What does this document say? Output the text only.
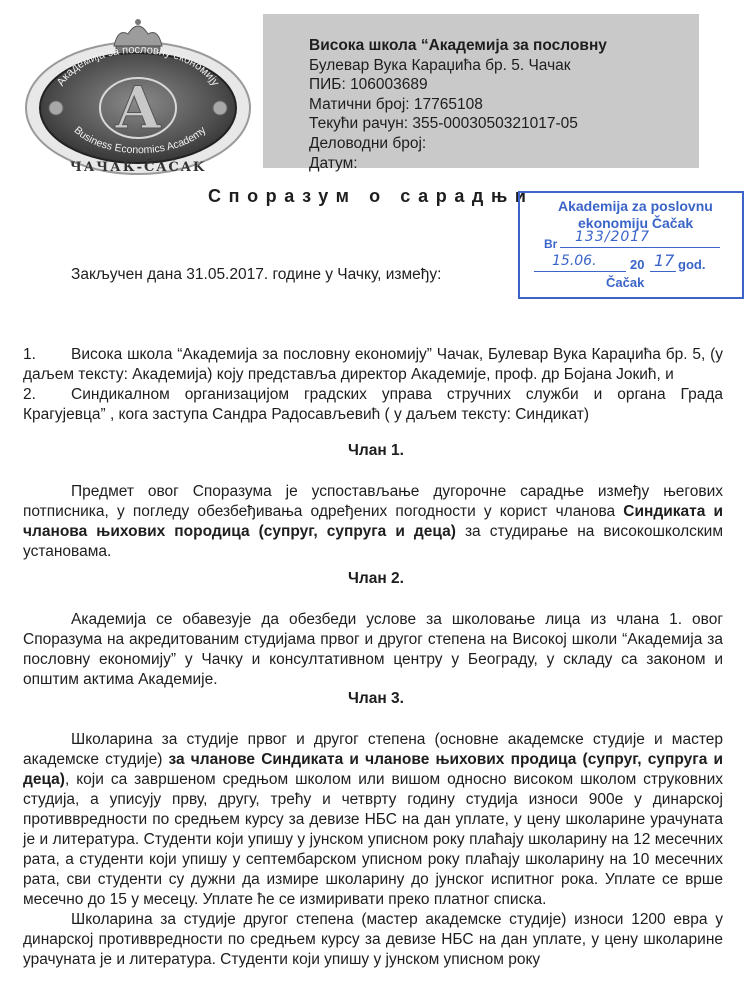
A
Академија за пословну економију
Business Economics Academy
ЧАЧАК-ČAČAK
Висока школа “Академија за пословну
Булевар Вука Караџића бр. 5. Чачак
ПИБ: 106003689
Матични број: 17765108
Текући рачун: 355-0003050321017-05
Деловодни број:
Датум:
Споразум о сарадњи Akademija za poslovnu
ekonomiju Čačak
Br 133/2017
15.06.	20 17 god.
Čačak
Закључен дана 31.05.2017. године у Чачку, између:

1. Висока школа “Академија за пословну економију” Чачак, Булевар Вука Караџића бр. 5, (у даљем тексту: Академија) коју представља директор Академије, проф. др Бојана Јокић, и

2. Синдикалном организацијом градских управа стручних служби и органа Града Крагујевца” , кога заступа Сандра Радосављевић ( у даљем тексту: Синдикат)

Члан 1.

Предмет овог Споразума је успостављање дугорочне сарадње између његових потписника, у погледу обезбеђивања одређених погодности у корист чланова Синдиката и чланова њихових породица (супруг, супруга и деца) за студирање на високошколским установама.

Члан 2.

Академија се обавезује да обезбеди услове за школовање лица из члана 1. овог Споразума на акредитованим студијама првог и другог степена на Високој школи “Академија за пословну економију” у Чачку и консултативном центру у Београду, у складу са законом и општим актима Академије.

Члан 3.

Школарина за студије првог и другог степена (основне академске студије и мастер академске студије) за чланове Синдиката и чланове њихових продица (супруг, супруга и деца), који са завршеном средњом школом или вишом односно високом школом струковних студија, а уписују прву, другу, трећу и четврту годину студија износи 900е у динарској противвредности по средњем курсу за девизе НБС на дан уплате, у цену школарине урачуната је и литература. Студенти који упишу у јунском уписном року плаћају школарину на 12 месечних рата, а студенти који упишу у септембарском уписном року плаћају школарину на 10 месечних рата, сви студенти су дужни да измире школарину до јунског испитног рока. Уплате се врше месечно до 15 у месецу. Уплате ће се измиривати преко платног списка.

Школарина за студије другог степена (мастер академске студије) износи 1200 евра у динарској противвредности по средњем курсу за девизе НБС на дан уплате, у цену школарине урачуната је и литература. Студенти који упишу у јунском уписном року
